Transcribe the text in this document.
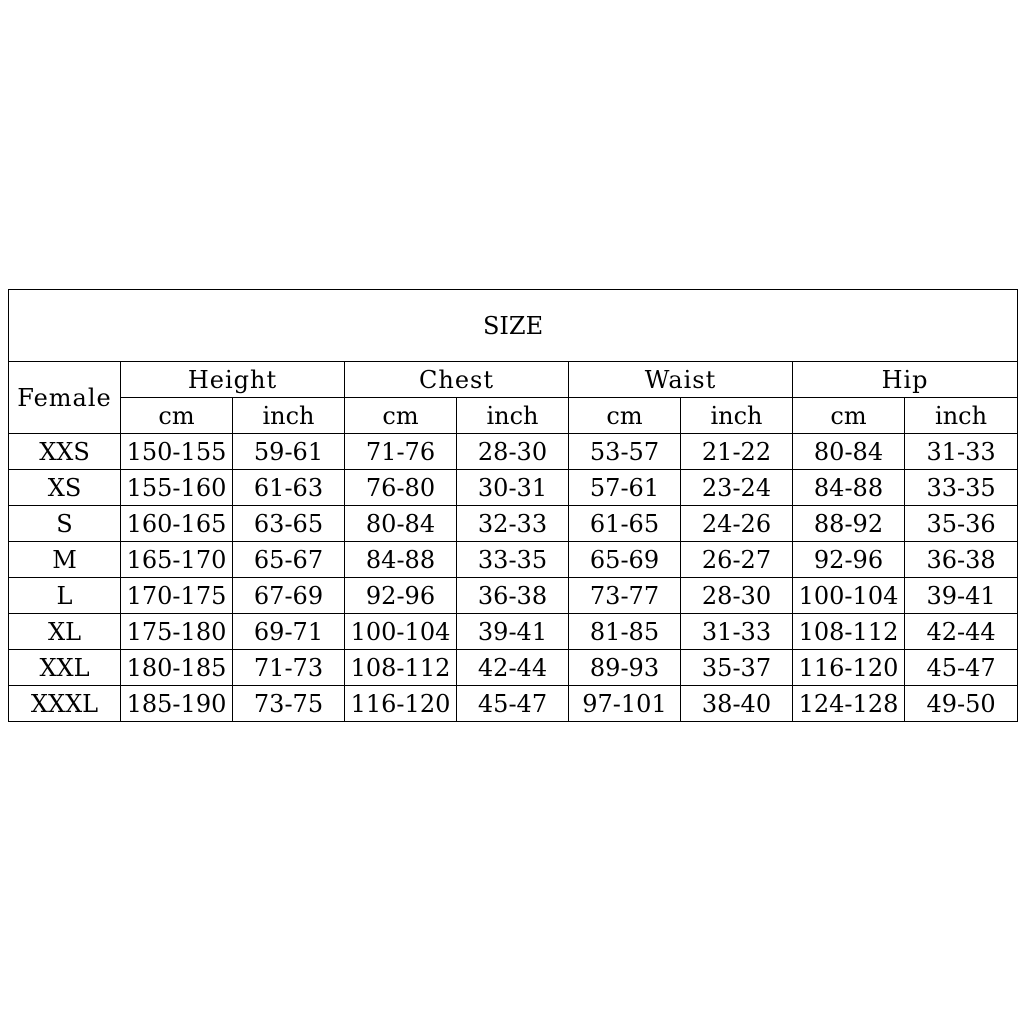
SIZE								
Female	Height		Chest		Waist		Hip	
	cm	inch	cm	inch	cm	inch	cm	inch
XXS	150-155	59-61	71-76	28-30	53-57	21-22	80-84	31-33
XS	155-160	61-63	76-80	30-31	57-61	23-24	84-88	33-35
S	160-165	63-65	80-84	32-33	61-65	24-26	88-92	35-36
M	165-170	65-67	84-88	33-35	65-69	26-27	92-96	36-38
L	170-175	67-69	92-96	36-38	73-77	28-30	100-104	39-41
XL	175-180	69-71	100-104	39-41	81-85	31-33	108-112	42-44
XXL	180-185	71-73	108-112	42-44	89-93	35-37	116-120	45-47
XXXL	185-190	73-75	116-120	45-47	97-101	38-40	124-128	49-50
